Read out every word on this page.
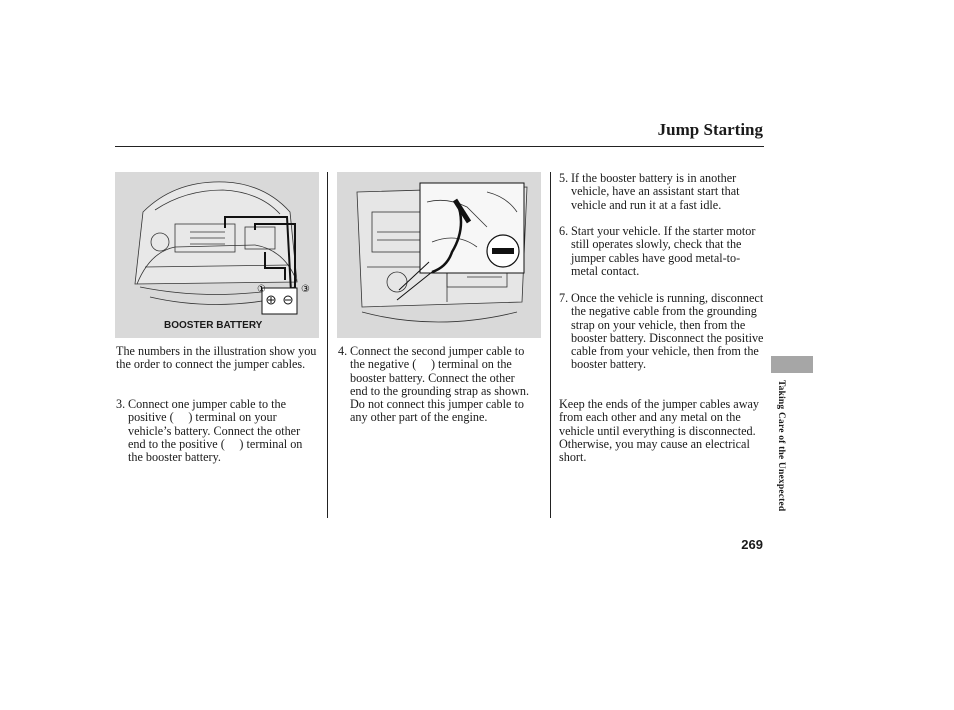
Jump Starting
①	③
BOOSTER BATTERY
The numbers in the illustration show you the order to connect the jumper cables.
3. Connect one jumper cable to the positive (  ) terminal on your vehicle’s battery. Connect the other end to the positive (  ) terminal on the booster battery.
4. Connect the second jumper cable to the negative (  ) terminal on the booster battery. Connect the other end to the grounding strap as shown. Do not connect this jumper cable to any other part of the engine.
5. If the booster battery is in another vehicle, have an assistant start that vehicle and run it at a fast idle.
6. Start your vehicle. If the starter motor still operates slowly, check that the jumper cables have good metal-to-metal contact.
7. Once the vehicle is running, disconnect the negative cable from the grounding strap on your vehicle, then from the booster battery. Disconnect the positive cable from your vehicle, then from the booster battery.
Keep the ends of the jumper cables away from each other and any metal on the vehicle until everything is disconnected. Otherwise, you may cause an electrical short.	Taking Care of the Unexpected
269
